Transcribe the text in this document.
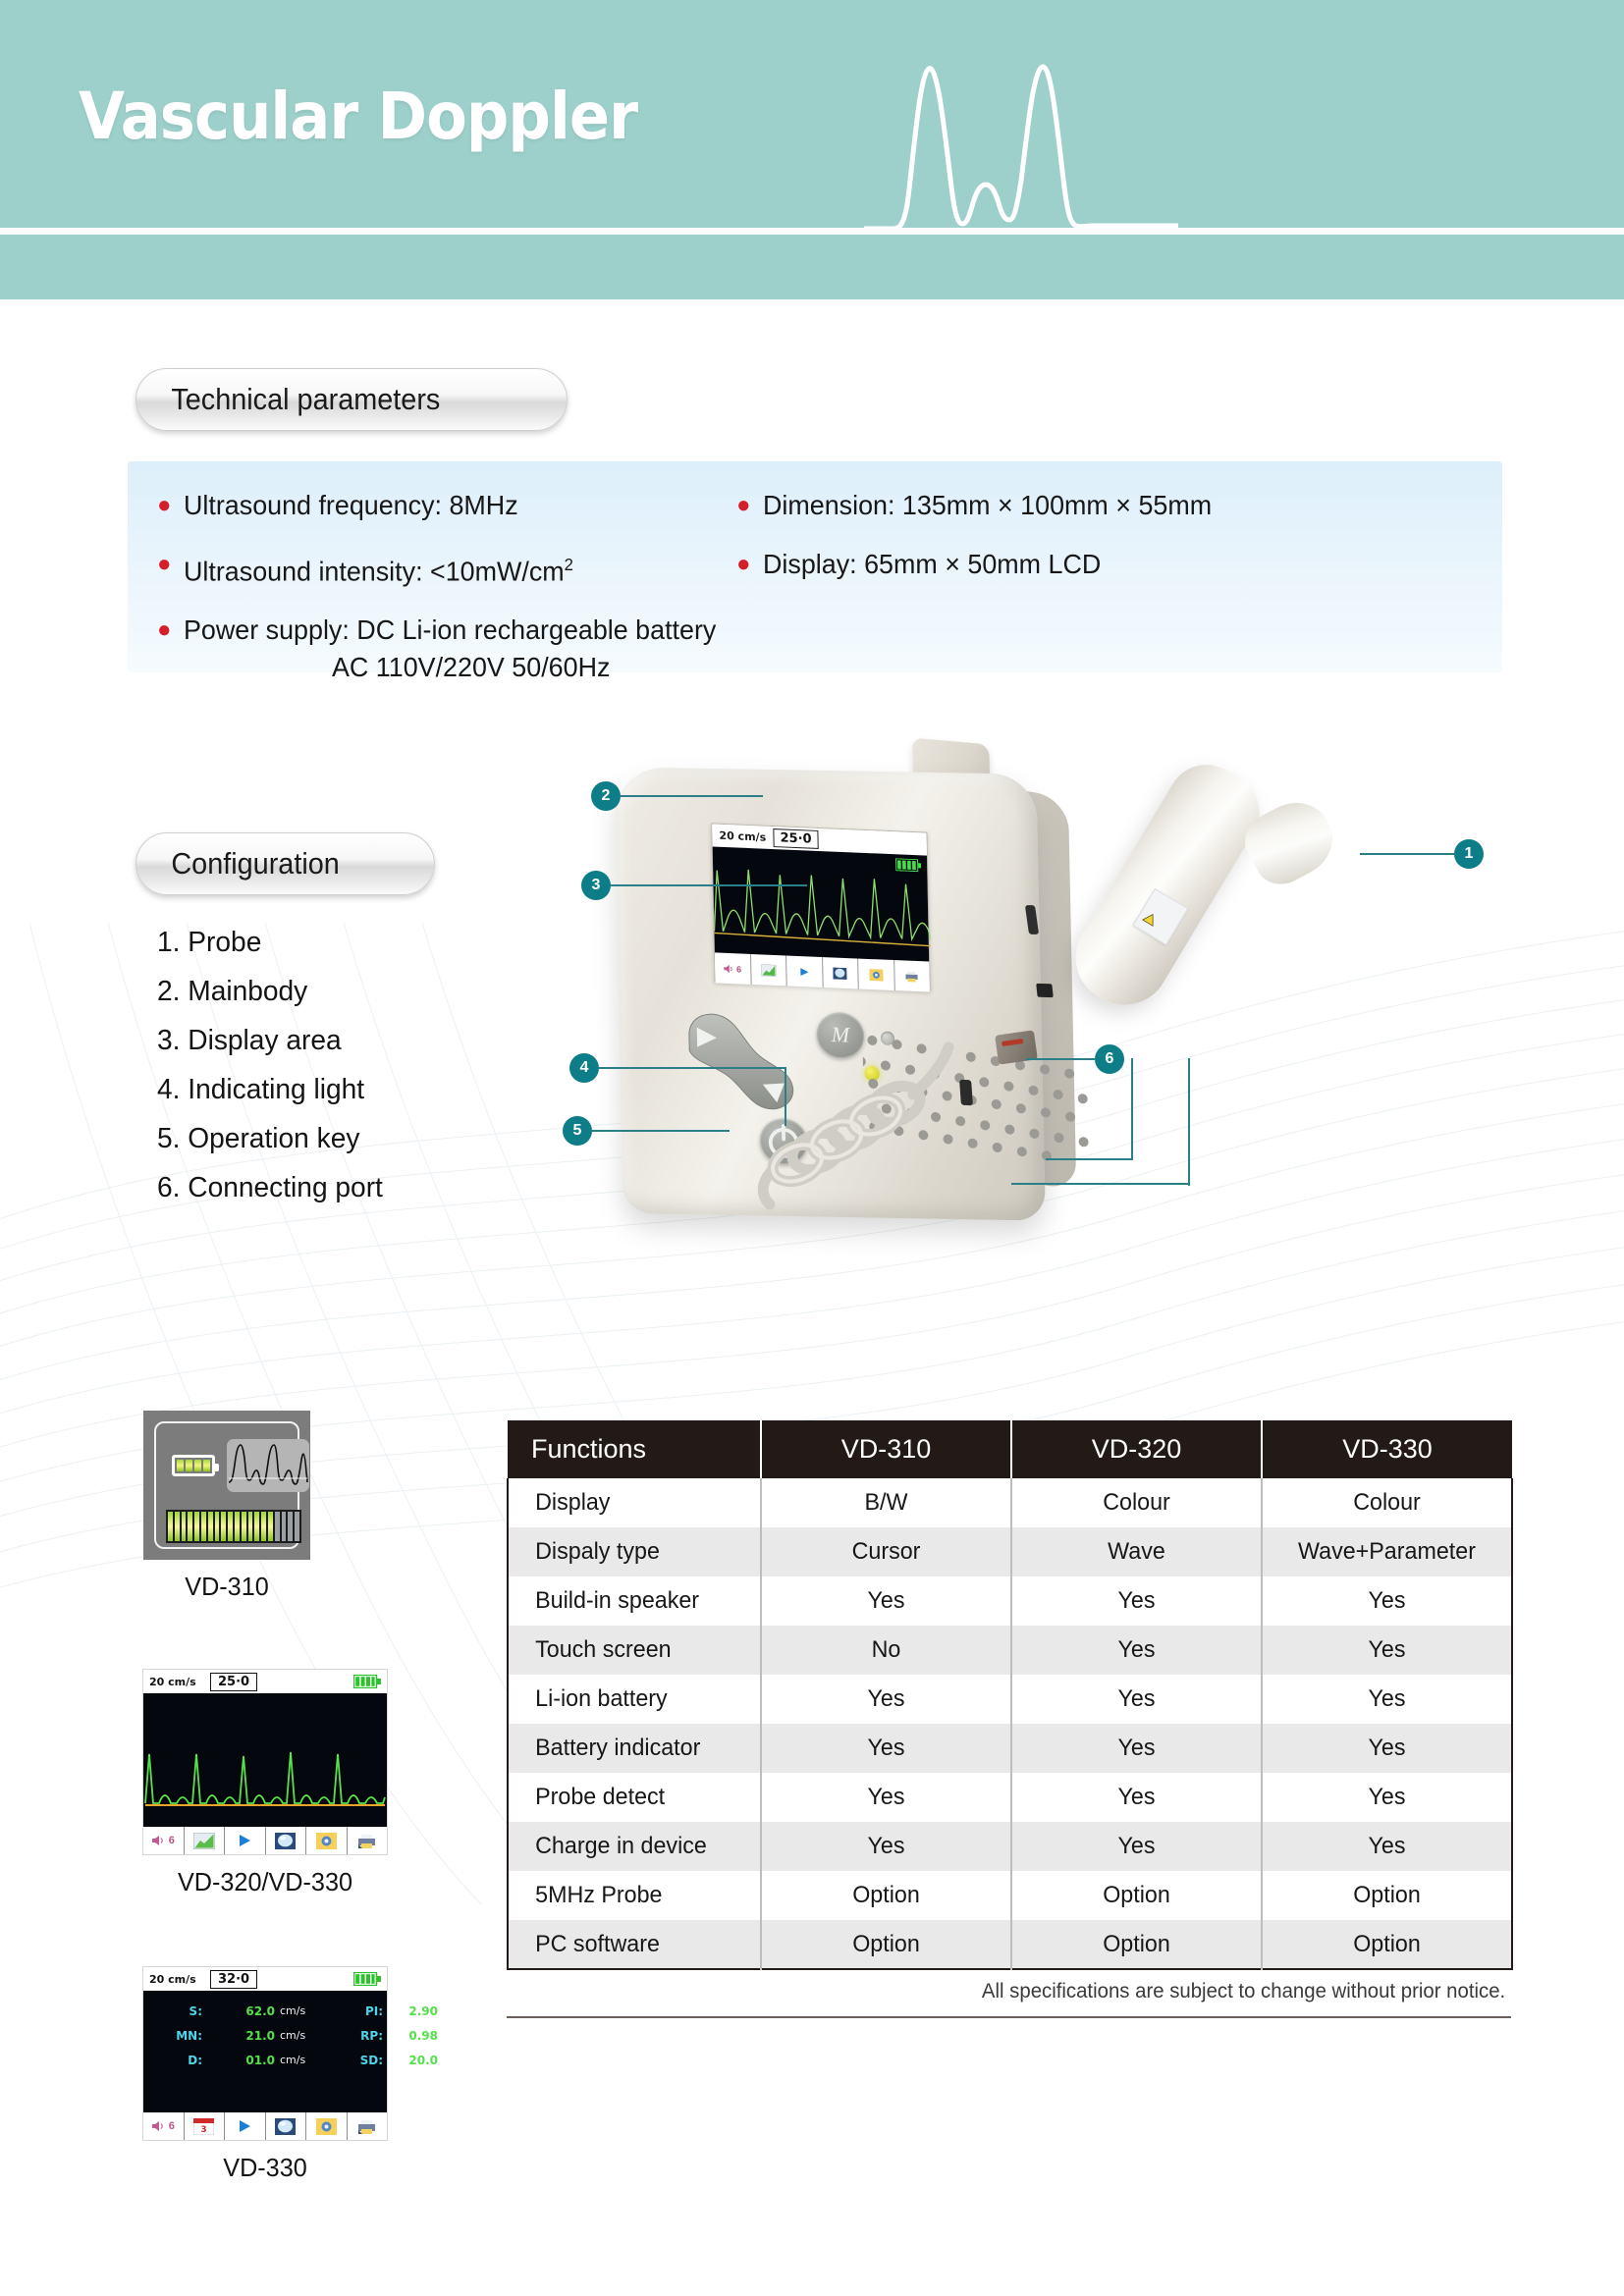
Vascular Doppler
Technical parameters
● Ultrasound frequency: 8MHz
● Ultrasound intensity: $<10mW/cm^2$
● Power supply: DC Li-ion rechargeable battery
AC 110V/220V 50/60Hz
● Dimension: 135mm × 100mm × 55mm
● Display: 65mm × 50mm LCD
Configuration
1. Probe
2. Mainbody
3. Display area
4. Indicating light
5. Operation key
6. Connecting port
20 cm/s	25·0
6
M
1
2
3
4
5
6
VD-310
20 cm/s	25·0
6
VD-320/VD-330
20 cm/s	32·0
S:	62.0 cm/s	PI:	2.90
MN:	21.0 cm/s	RP:	0.98
D:	01.0 cm/s	SD:	20.0
6	3
VD-330
Functions	VD-310	VD-320	VD-330
Display	B/W	Colour	Colour
Dispaly type	Cursor	Wave	Wave+Parameter
Build-in speaker	Yes	Yes	Yes
Touch screen	No	Yes	Yes
Li-ion battery	Yes	Yes	Yes
Battery indicator	Yes	Yes	Yes
Probe detect	Yes	Yes	Yes
Charge in device	Yes	Yes	Yes
5MHz Probe	Option	Option	Option
PC software	Option	Option	Option
All specifications are subject to change without prior notice.
